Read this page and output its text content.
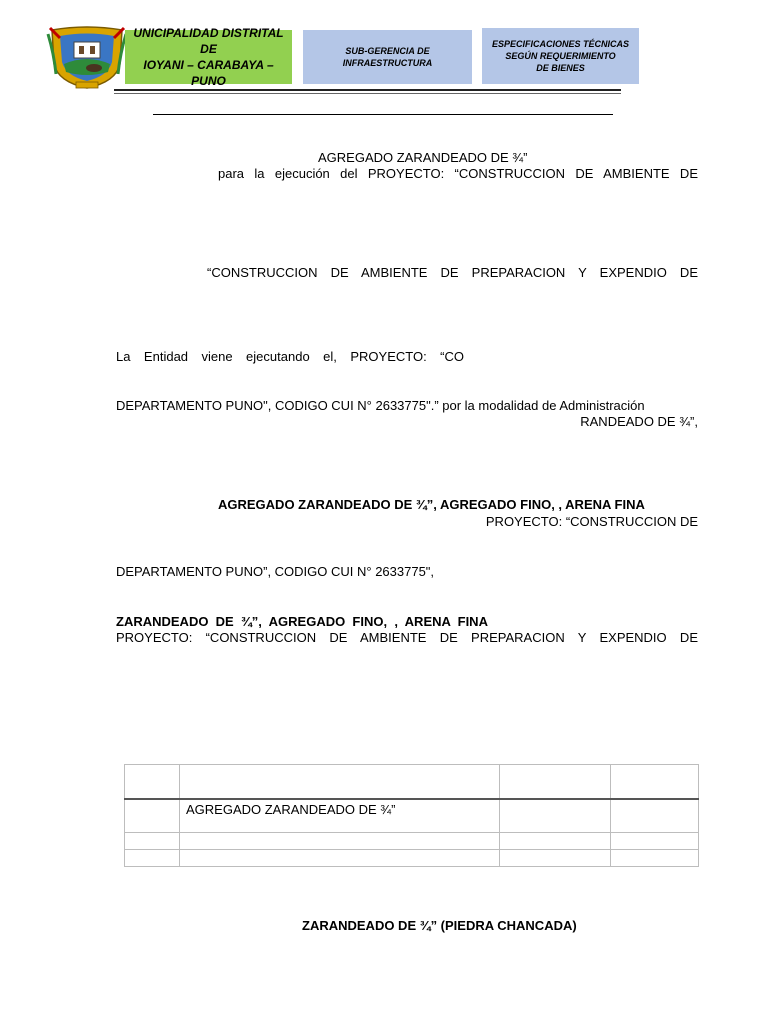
UNICIPALIDAD DISTRITAL DE
IOYANI – CARABAYA – PUNO
SUB-GERENCIA DE
INFRAESTRUCTURA
ESPECIFICACIONES TÉCNICAS
SEGÚN REQUERIMIENTO
DE BIENES
AGREGADO ZARANDEADO DE ¾”
para la ejecución del PROYECTO: “CONSTRUCCION DE AMBIENTE DE
“CONSTRUCCION DE AMBIENTE DE PREPARACION Y EXPENDIO DE
La Entidad viene ejecutando el, PROYECTO: “CO
DEPARTAMENTO PUNO", CODIGO CUI N° 2633775".” por la modalidad de Administración
RANDEADO DE ¾”,
AGREGADO ZARANDEADO DE ¾”, AGREGADO FINO, , ARENA FINA
PROYECTO: “CONSTRUCCION DE
DEPARTAMENTO PUNO”, CODIGO CUI N° 2633775",
ZARANDEADO  DE  ¾”,  AGREGADO  FINO,  ,  ARENA  FINA
PROYECTO: “CONSTRUCCION DE AMBIENTE DE PREPARACION Y EXPENDIO DE

	AGREGADO ZARANDEADO DE ¾”		

ZARANDEADO DE ¾” (PIEDRA CHANCADA)
